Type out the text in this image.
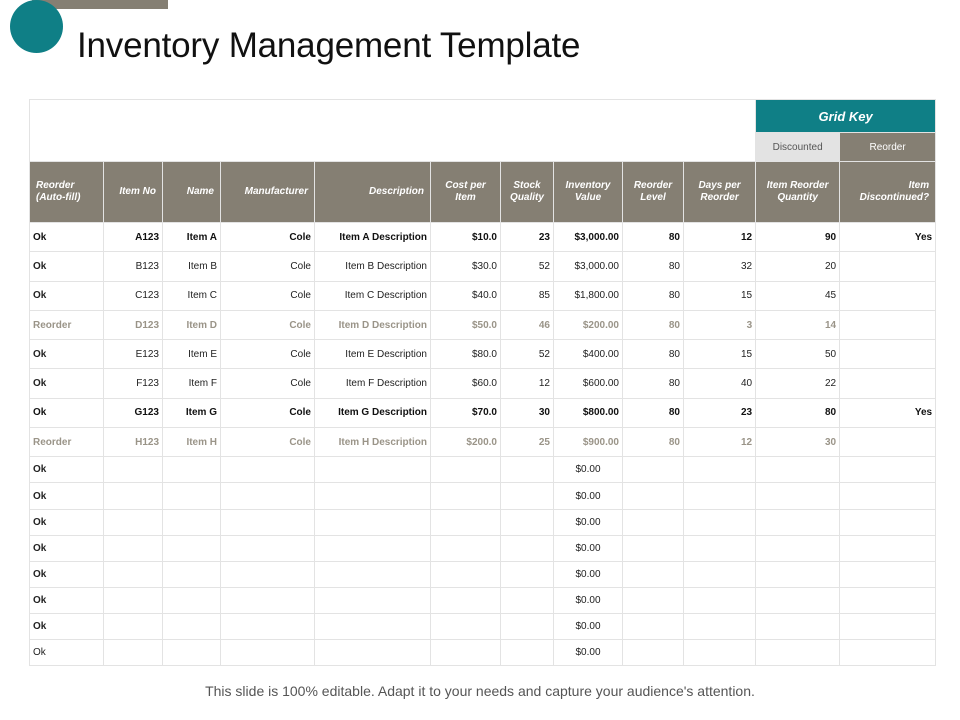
Inventory Management Template
										Grid Key	
										Discounted	Reorder
Reorder (Auto-fill)	Item No	Name	Manufacturer	Description	Cost per Item	Stock Quality	Inventory Value	Reorder Level	Days per Reorder	Item Reorder Quantity	Item Discontinued?
Ok	A123	Item A	Cole	Item A Description	$10.0	23	$3,000.00	80	12	90	Yes
Ok	B123	Item B	Cole	Item B Description	$30.0	52	$3,000.00	80	32	20	
Ok	C123	Item C	Cole	Item C Description	$40.0	85	$1,800.00	80	15	45	
Reorder	D123	Item D	Cole	Item D Description	$50.0	46	$200.00	80	3	14	
Ok	E123	Item E	Cole	Item E Description	$80.0	52	$400.00	80	15	50	
Ok	F123	Item F	Cole	Item F Description	$60.0	12	$600.00	80	40	22	
Ok	G123	Item G	Cole	Item G Description	$70.0	30	$800.00	80	23	80	Yes
Reorder	H123	Item H	Cole	Item H Description	$200.0	25	$900.00	80	12	30	
Ok							$0.00				
Ok							$0.00				
Ok							$0.00				
Ok							$0.00				
Ok							$0.00				
Ok							$0.00				
Ok							$0.00				
Ok							$0.00				
This slide is 100% editable. Adapt it to your needs and capture your audience's attention.
